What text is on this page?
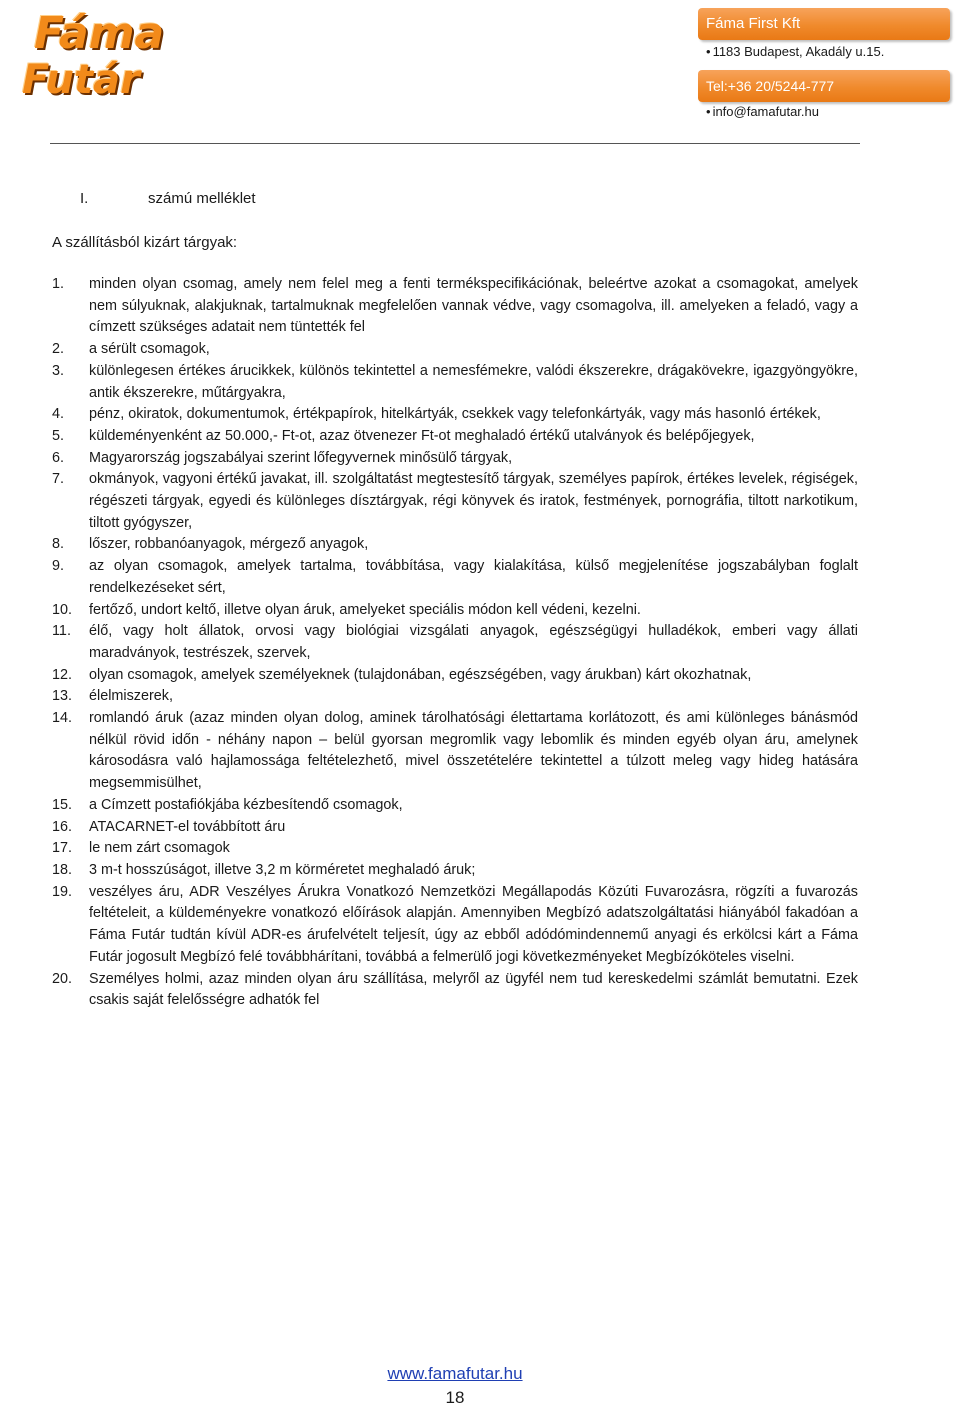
Fáma
Futár
Fáma First Kft
• 1183 Budapest, Akadály u.15.
Tel:+36 20/5244-777
• info@famafutar.hu
I.	számú melléklet
A szállításból kizárt tárgyak:
1.	minden olyan csomag, amely nem felel meg a fenti termékspecifikációnak, beleértve azokat a csomagokat, amelyek nem súlyuknak, alakjuknak, tartalmuknak megfelelően vannak védve, vagy csomagolva, ill. amelyeken a feladó, vagy a címzett szükséges adatait nem tüntették fel
2.	a sérült csomagok,
3.	különlegesen értékes árucikkek, különös tekintettel a nemesfémekre, valódi ékszerekre, drágakövekre, igazgyöngyökre, antik ékszerekre, műtárgyakra,
4.	pénz, okiratok, dokumentumok, értékpapírok, hitelkártyák, csekkek vagy telefonkártyák, vagy más hasonló értékek,
5.	küldeményenként az 50.000,- Ft-ot, azaz ötvenezer Ft-ot meghaladó értékű utalványok és belépőjegyek,
6.	Magyarország jogszabályai szerint lőfegyvernek minősülő tárgyak,
7.	okmányok, vagyoni értékű javakat, ill. szolgáltatást megtestesítő tárgyak, személyes papírok, értékes levelek, régiségek, régészeti tárgyak, egyedi és különleges dísztárgyak, régi könyvek és iratok, festmények, pornográfia, tiltott narkotikum, tiltott gyógyszer,
8.	lőszer, robbanóanyagok, mérgező anyagok,
9.	az olyan csomagok, amelyek tartalma, továbbítása, vagy kialakítása, külső megjelenítése jogszabályban foglalt rendelkezéseket sért,
10.	fertőző, undort keltő, illetve olyan áruk, amelyeket speciális módon kell védeni, kezelni.
11.	élő, vagy holt állatok, orvosi vagy biológiai vizsgálati anyagok, egészségügyi hulladékok, emberi vagy állati maradványok, testrészek, szervek,
12.	olyan csomagok, amelyek személyeknek (tulajdonában, egészségében, vagy árukban) kárt okozhatnak,
13.	élelmiszerek,
14.	romlandó áruk (azaz minden olyan dolog, aminek tárolhatósági élettartama korlátozott, és ami különleges bánásmód nélkül rövid időn - néhány napon – belül gyorsan megromlik vagy lebomlik és minden egyéb olyan áru, amelynek károsodásra való hajlamossága feltételezhető, mivel összetételére tekintettel a túlzott meleg vagy hideg hatására megsemmisülhet,
15.	a Címzett postafiókjába kézbesítendő csomagok,
16.	ATACARNET-el továbbított áru
17.	le nem zárt csomagok
18.	3 m-t hosszúságot, illetve 3,2 m körméretet meghaladó áruk;
19.	veszélyes áru, ADR Veszélyes Árukra Vonatkozó Nemzetközi Megállapodás Közúti Fuvarozásra, rögzíti a fuvarozás feltételeit, a küldeményekre vonatkozó előírások alapján. Amennyiben Megbízó adatszolgáltatási hiányából fakadóan a Fáma Futár tudtán kívül ADR-es árufelvételt teljesít, úgy az ebből adódómindennemű anyagi és erkölcsi kárt a Fáma Futár jogosult Megbízó felé továbbhárítani, továbbá a felmerülő jogi következményeket Megbízóköteles viselni.
20.	Személyes holmi, azaz minden olyan áru szállítása, melyről az ügyfél nem tud kereskedelmi számlát bemutatni. Ezek csakis saját felelősségre adhatók fel
www.famafutar.hu
18
